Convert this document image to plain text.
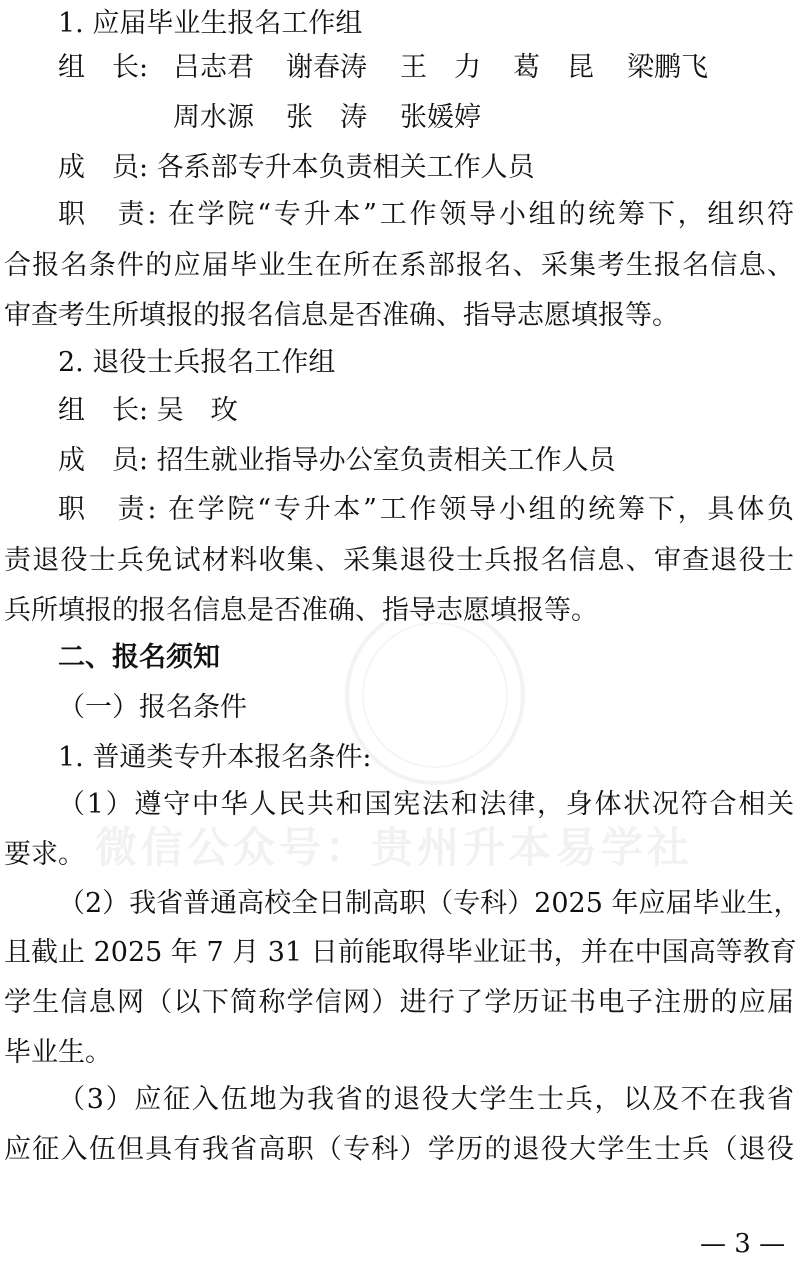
微信公众号：贵州升本易学社
1. 应届毕业生报名工作组
组　长: 吕志君 谢春涛 王　力 葛　昆 梁鹏飞
周水源 张　涛 张媛婷
成　员: 各系部专升本负责相关工作人员
职　责: 在学院“专升本”工作领导小组的统筹下，组织符
合报名条件的应届毕业生在所在系部报名、采集考生报名信息、
审查考生所填报的报名信息是否准确、指导志愿填报等。
2. 退役士兵报名工作组
组　长: 吴　玫
成　员: 招生就业指导办公室负责相关工作人员
职　责: 在学院“专升本”工作领导小组的统筹下，具体负
责退役士兵免试材料收集、采集退役士兵报名信息、审查退役士
兵所填报的报名信息是否准确、指导志愿填报等。
二、报名须知
（一）报名条件
1. 普通类专升本报名条件:
（1）遵守中华人民共和国宪法和法律，身体状况符合相关
要求。
（2）我省普通高校全日制高职（专科）2025 年应届毕业生，
且截止 2025 年 7 月 31 日前能取得毕业证书，并在中国高等教育
学生信息网（以下简称学信网）进行了学历证书电子注册的应届
毕业生。
（3）应征入伍地为我省的退役大学生士兵，以及不在我省
应征入伍但具有我省高职（专科）学历的退役大学生士兵（退役
— 3 —
